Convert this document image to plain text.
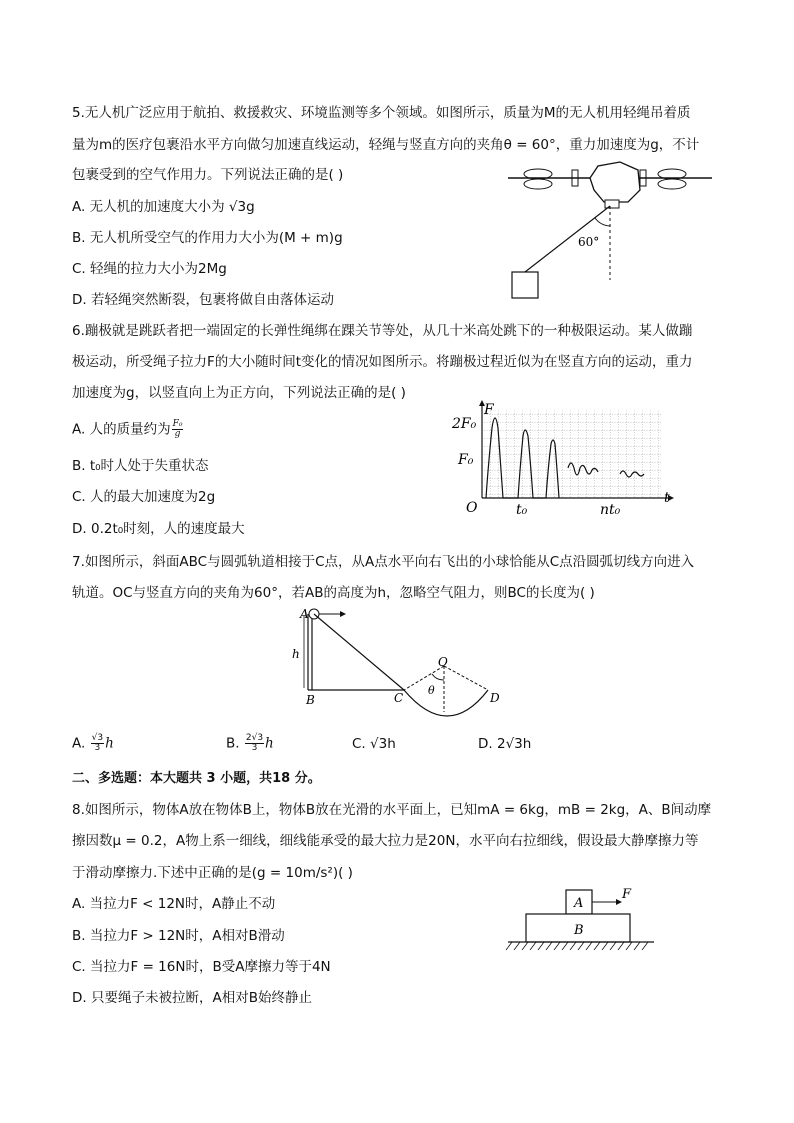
5.无人机广泛应用于航拍、救援救灾、环境监测等多个领域。如图所示，质量为M的无人机用轻绳吊着质
量为m的医疗包裹沿水平方向做匀加速直线运动，轻绳与竖直方向的夹角θ = 60°，重力加速度为g，不计
包裹受到的空气作用力。下列说法正确的是( )
A. 无人机的加速度大小为 √3g
B. 无人机所受空气的作用力大小为(M + m)g
C. 轻绳的拉力大小为2Mg
D. 若轻绳突然断裂，包裹将做自由落体运动
60°
6.蹦极就是跳跃者把一端固定的长弹性绳绑在踝关节等处，从几十米高处跳下的一种极限运动。某人做蹦
极运动，所受绳子拉力F的大小随时间t变化的情况如图所示。将蹦极过程近似为在竖直方向的运动，重力
加速度为g，以竖直向上为正方向，下列说法正确的是( )
A. 人的质量约为 $\frac{\text{F₀}}{g}$
B. t₀时人处于失重状态
C. 人的最大加速度为2g
D. 0.2t₀时刻，人的速度最大
2F₀
F₀
F
O	t₀	nt₀
t
7.如图所示，斜面ABC与圆弧轨道相接于C点，从A点水平向右飞出的小球恰能从C点沿圆弧切线方向进入
轨道。OC与竖直方向的夹角为60°，若AB的高度为h，忽略空气阻力，则BC的长度为( )
A
h
B	C
O
θ
D
A. $\frac{√3}{3}$ h	B. $\frac{2√3}{3}$ h	C. √3h	D. 2√3h
二、多选题：本大题共 3 小题，共18 分。
8.如图所示，物体A放在物体B上，物体B放在光滑的水平面上，已知mA = 6kg，mB = 2kg，A、B间动摩
擦因数μ = 0.2，A物上系一细线，细线能承受的最大拉力是20N，水平向右拉细线，假设最大静摩擦力等
于滑动摩擦力.下述中正确的是(g = 10m/s²)( )
A. 当拉力F < 12N时，A静止不动
B. 当拉力F > 12N时，A相对B滑动
C. 当拉力F = 16N时，B受A摩擦力等于4N
D. 只要绳子未被拉断，A相对B始终静止
A
B
F
